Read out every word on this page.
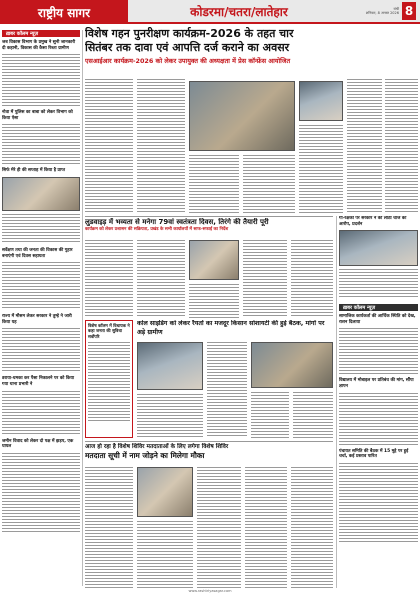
राष्ट्रीय सागर	कोडरमा/चतरा/लातेहार	रांची
शनिवार, 8 अगस्त 2026 8
ख़बर कॉलम न्यूज़
जब विकास विभाग के प्रमुख ने सुनी जानकारी दी कहानी, विकास की कैसा रिश्ता ग्रामीण
नोवा में पुलिस का बाबा को लेकर विभाग को किया ऐसा
सिर्फ मेरे ही की सप्ताह में किया है प्राप्त
सर्वेक्षण तथा की जनता की विकास की गुहार बनाएंगी एवं दिवस सहायता
राज्य में मौसम लेकर सरकार ने तुम्हे ने जारी किया यह
डराया-धमका कर पैसा निकालने पर को किया गया थाना प्रभारी ने
जमीन विवाद को लेकर दो पक्ष में झड़प, एक घायल
विशेष गहन पुनरीक्षण कार्यक्रम-2026 के तहत चार
सितंबर तक दावा एवं आपत्ति दर्ज कराने का अवसर
एसआईआर कार्यक्रम-2026 को लेकर उपायुक्त की अध्यक्षता में प्रेस कॉन्फ्रेंस आयोजित
लुडवाइड़ में भव्यता से मनेगा 79वां स्वतंत्रता दिवस, तिरंगे की तैयारी पूरी
कार्यक्रम को लेकर प्रशासन की सक्रियता, प्रखंड के सभी कार्यालयों में साफ-सफाई का निर्देश
विशेष कॉलम में विधायक ने कहा जनता की सुविधा सर्वोपरि
कोल साइडिंग को लेकर रैयतों का मजदूर किसान सोशायटी की हुई बैठक, मांगों पर अड़े ग्रामीण
आज हो रहा है विशेष शिविर मतदाताओं के लिए लगेगा विशेष शिविर
मतदाता सूची में नाम जोड़ने का मिलेगा मौका
गौ-रक्षकों पर सरकार ने की लाठी चार्ज का आरोप, प्रदर्शन
ख़बर कॉलम न्यूज़
सामाजिक कार्यकर्ता की आर्थिक स्थिति को देख, राशन दिलाया
विद्यालय में मोबाइल पर प्रतिबंध की मांग, सौंपा ज्ञापन
पंचायत समिति की बैठक में 15 मुद्दे पर हुई चर्चा, कई प्रस्ताव पारित
www.rashtriyasagar.com
